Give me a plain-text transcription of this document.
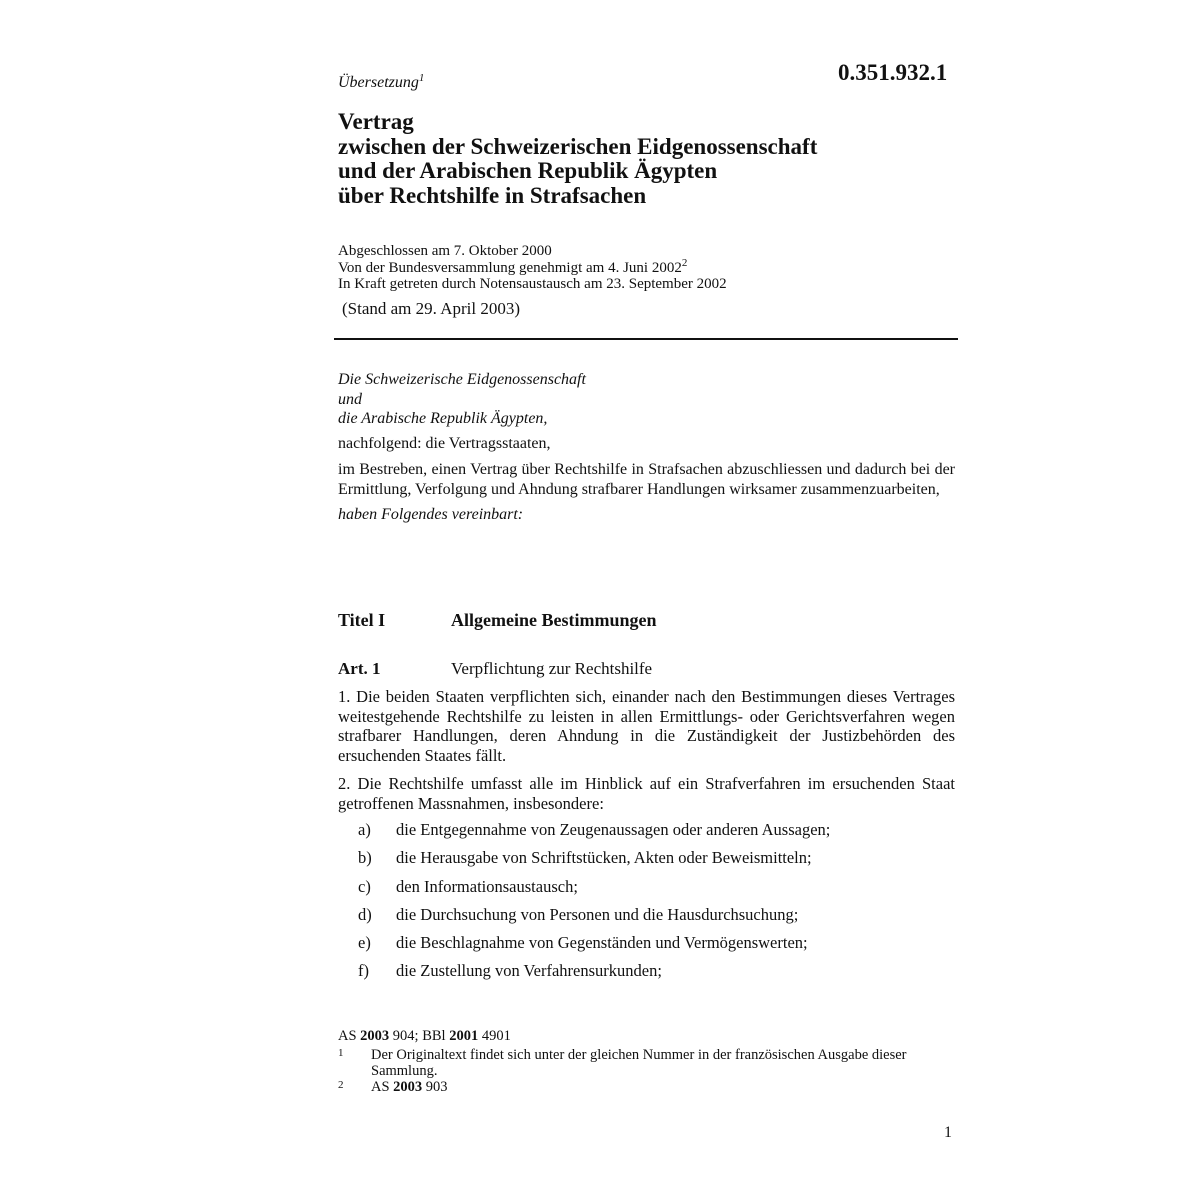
0.351.932.1
Übersetzung$^1$
Vertrag
zwischen der Schweizerischen Eidgenossenschaft
und der Arabischen Republik Ägypten
über Rechtshilfe in Strafsachen
Abgeschlossen am 7. Oktober 2000
Von der Bundesversammlung genehmigt am 4. Juni 2002$^2$
In Kraft getreten durch Notensaustausch am 23. September 2002
(Stand am 29. April 2003)
Die Schweizerische Eidgenossenschaft
und
die Arabische Republik Ägypten,
nachfolgend: die Vertragsstaaten,
im Bestreben, einen Vertrag über Rechtshilfe in Strafsachen abzuschliessen und dadurch bei der Ermittlung, Verfolgung und Ahndung strafbarer Handlungen wirksamer zusammenzuarbeiten,
haben Folgendes vereinbart:
Titel I	Allgemeine Bestimmungen
Art. 1	Verpflichtung zur Rechtshilfe
1. Die beiden Staaten verpflichten sich, einander nach den Bestimmungen dieses Vertrages weitestgehende Rechtshilfe zu leisten in allen Ermittlungs- oder Gerichtsverfahren wegen strafbarer Handlungen, deren Ahndung in die Zuständigkeit der Justizbehörden des ersuchenden Staates fällt.
2. Die Rechtshilfe umfasst alle im Hinblick auf ein Strafverfahren im ersuchenden Staat getroffenen Massnahmen, insbesondere:
a) die Entgegennahme von Zeugenaussagen oder anderen Aussagen;
b) die Herausgabe von Schriftstücken, Akten oder Beweismitteln;
c) den Informationsaustausch;
d) die Durchsuchung von Personen und die Hausdurchsuchung;
e) die Beschlagnahme von Gegenständen und Vermögenswerten;
f) die Zustellung von Verfahrensurkunden;
AS 2003 904; BBl 2001 4901
1 Der Originaltext findet sich unter der gleichen Nummer in der französischen Ausgabe dieser Sammlung.
2 AS 2003 903
1
